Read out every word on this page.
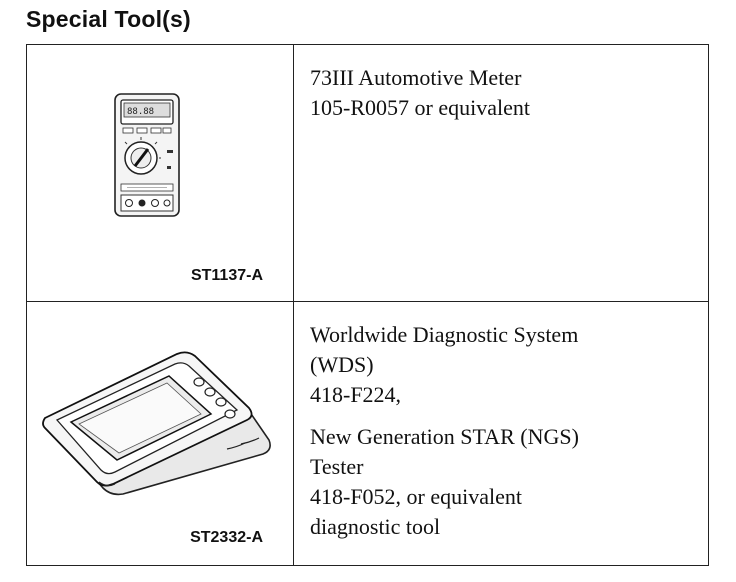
Special Tool(s)
88.88
ST1137-A
73III Automotive Meter
105-R0057 or equivalent
ST2332-A
Worldwide Diagnostic System
(WDS)
418-F224,
New Generation STAR (NGS)
Tester
418-F052, or equivalent
diagnostic tool
